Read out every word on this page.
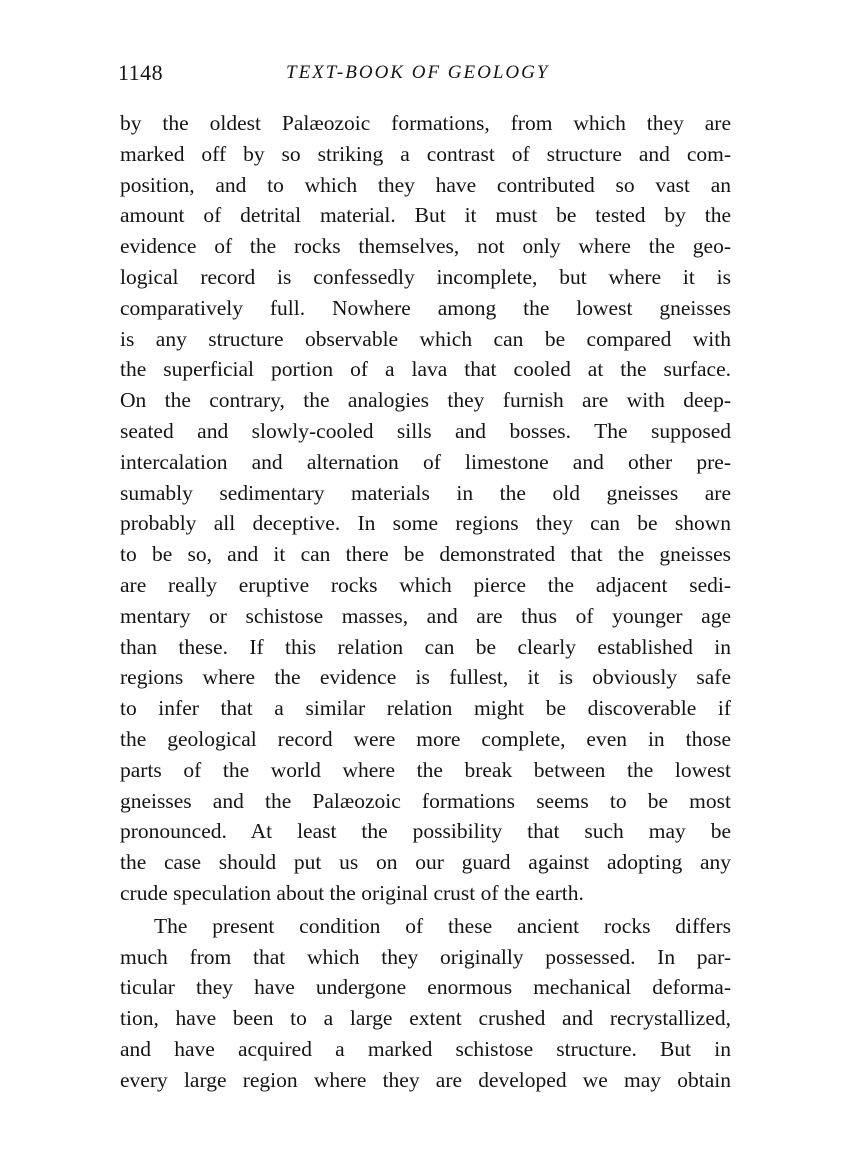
1148	TEXT-BOOK OF GEOLOGY
by the oldest Palæozoic formations, from which they are
marked off by so striking a contrast of structure and com-
position, and to which they have contributed so vast an
amount of detrital material. But it must be tested by the
evidence of the rocks themselves, not only where the geo-
logical record is confessedly incomplete, but where it is
comparatively full. Nowhere among the lowest gneisses
is any structure observable which can be compared with
the superficial portion of a lava that cooled at the surface.
On the contrary, the analogies they furnish are with deep-
seated and slowly-cooled sills and bosses. The supposed
intercalation and alternation of limestone and other pre-
sumably sedimentary materials in the old gneisses are
probably all deceptive. In some regions they can be shown
to be so, and it can there be demonstrated that the gneisses
are really eruptive rocks which pierce the adjacent sedi-
mentary or schistose masses, and are thus of younger age
than these. If this relation can be clearly established in
regions where the evidence is fullest, it is obviously safe
to infer that a similar relation might be discoverable if
the geological record were more complete, even in those
parts of the world where the break between the lowest
gneisses and the Palæozoic formations seems to be most
pronounced. At least the possibility that such may be
the case should put us on our guard against adopting any
crude speculation about the original crust of the earth.
The present condition of these ancient rocks differs
much from that which they originally possessed. In par-
ticular they have undergone enormous mechanical deforma-
tion, have been to a large extent crushed and recrystallized,
and have acquired a marked schistose structure. But in
every large region where they are developed we may obtain
